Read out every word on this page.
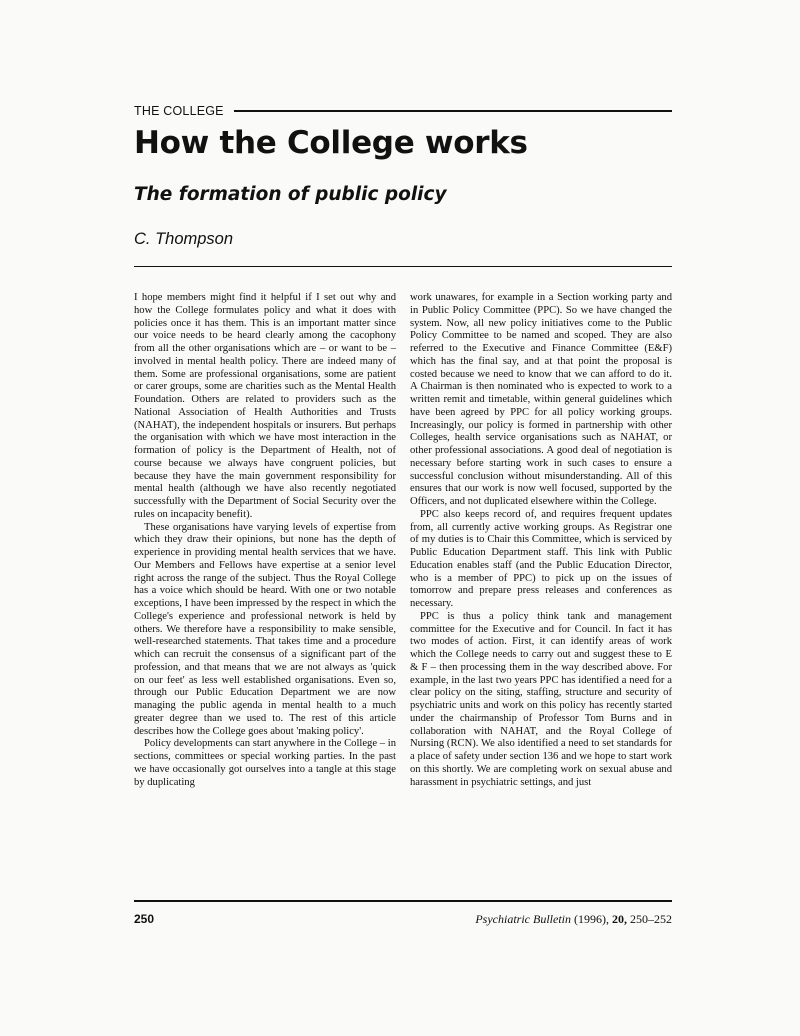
THE COLLEGE
How the College works
The formation of public policy
C. Thompson

I hope members might find it helpful if I set out why and how the College formulates policy and what it does with policies once it has them. This is an important matter since our voice needs to be heard clearly among the cacophony from all the other organisations which are – or want to be – involved in mental health policy. There are indeed many of them. Some are professional organisations, some are patient or carer groups, some are charities such as the Mental Health Foundation. Others are related to providers such as the National Association of Health Authorities and Trusts (NAHAT), the independent hospitals or insurers. But perhaps the organisation with which we have most interaction in the formation of policy is the Department of Health, not of course because we always have congruent policies, but because they have the main government responsibility for mental health (although we have also recently negotiated successfully with the Department of Social Security over the rules on incapacity benefit).

These organisations have varying levels of expertise from which they draw their opinions, but none has the depth of experience in providing mental health services that we have. Our Members and Fellows have expertise at a senior level right across the range of the subject. Thus the Royal College has a voice which should be heard. With one or two notable exceptions, I have been impressed by the respect in which the College's experience and professional network is held by others. We therefore have a responsibility to make sensible, well-researched statements. That takes time and a procedure which can recruit the consensus of a significant part of the profession, and that means that we are not always as 'quick on our feet' as less well established organisations. Even so, through our Public Education Department we are now managing the public agenda in mental health to a much greater degree than we used to. The rest of this article describes how the College goes about 'making policy'.

Policy developments can start anywhere in the College – in sections, committees or special working parties. In the past we have occasionally got ourselves into a tangle at this stage by duplicating

work unawares, for example in a Section working party and in Public Policy Committee (PPC). So we have changed the system. Now, all new policy initiatives come to the Public Policy Committee to be named and scoped. They are also referred to the Executive and Finance Committee (E&F) which has the final say, and at that point the proposal is costed because we need to know that we can afford to do it. A Chairman is then nominated who is expected to work to a written remit and timetable, within general guidelines which have been agreed by PPC for all policy working groups. Increasingly, our policy is formed in partnership with other Colleges, health service organisations such as NAHAT, or other professional associations. A good deal of negotiation is necessary before starting work in such cases to ensure a successful conclusion without misunderstanding. All of this ensures that our work is now well focused, supported by the Officers, and not duplicated elsewhere within the College.

PPC also keeps record of, and requires frequent updates from, all currently active working groups. As Registrar one of my duties is to Chair this Committee, which is serviced by Public Education Department staff. This link with Public Education enables staff (and the Public Education Director, who is a member of PPC) to pick up on the issues of tomorrow and prepare press releases and conferences as necessary.

PPC is thus a policy think tank and management committee for the Executive and for Council. In fact it has two modes of action. First, it can identify areas of work which the College needs to carry out and suggest these to E & F – then processing them in the way described above. For example, in the last two years PPC has identified a need for a clear policy on the siting, staffing, structure and security of psychiatric units and work on this policy has recently started under the chairmanship of Professor Tom Burns and in collaboration with NAHAT, and the Royal College of Nursing (RCN). We also identified a need to set standards for a place of safety under section 136 and we hope to start work on this shortly. We are completing work on sexual abuse and harassment in psychiatric settings, and just

250	Psychiatric Bulletin (1996), 20, 250–252
